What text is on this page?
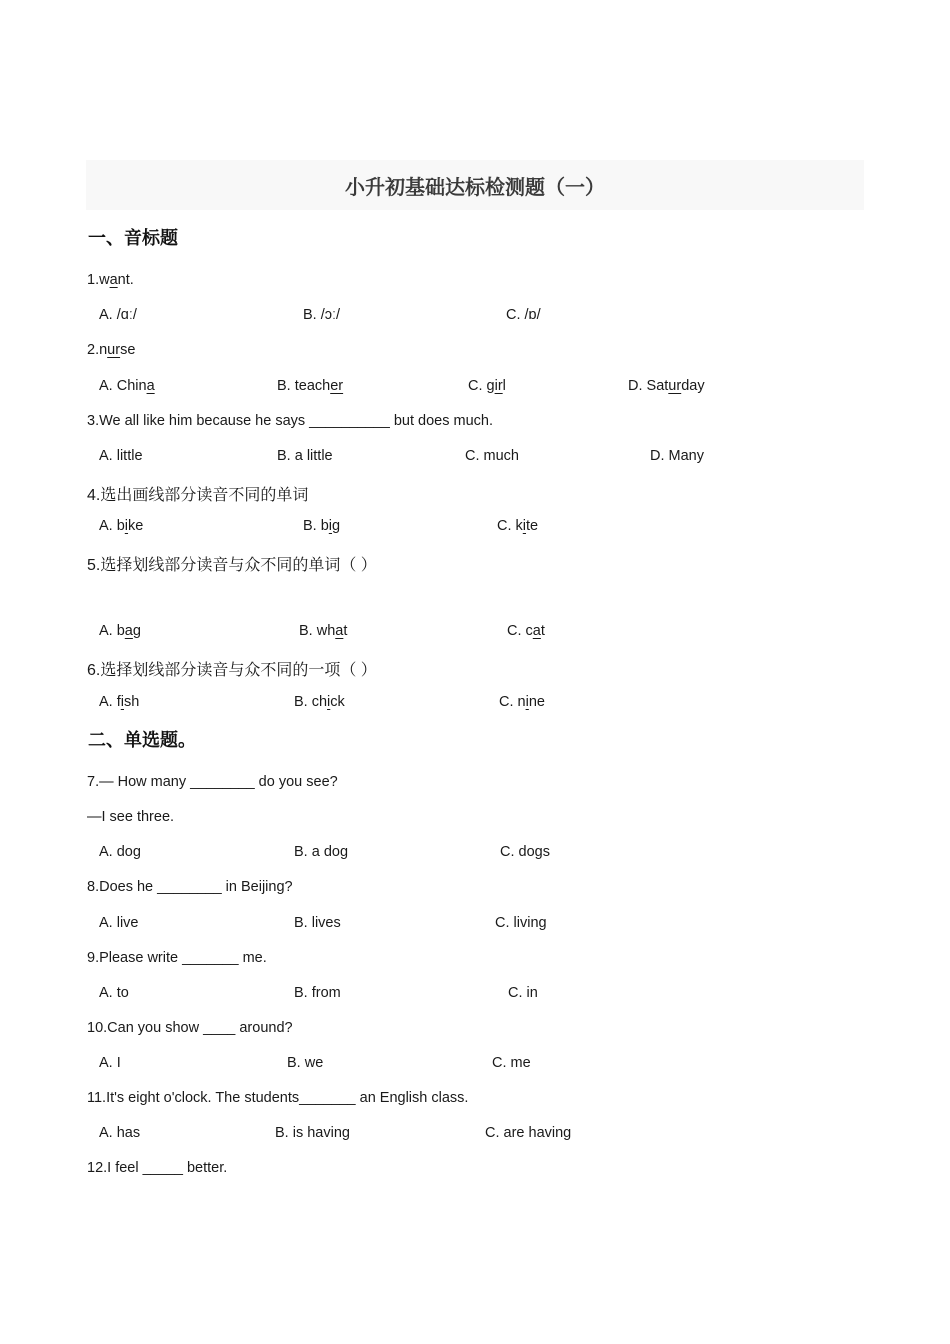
小升初基础达标检测题（一）
一、音标题
1.want.
A. /ɑː/	B. /ɔː/	C. /ɒ/
2.nurse
A. China	B. teacher	C. girl	D. Saturday
3.We all like him because he says __________ but does much.
A. little	B. a little	C. much	D. Many
4.选出画线部分读音不同的单词
A. bike	B. big	C. kite
5.选择划线部分读音与众不同的单词（ ）
A. bag	B. what	C. cat
6.选择划线部分读音与众不同的一项（ ）
A. fish	B. chick	C. nine
二、单选题。
7.— How many ________ do you see?
—I see three.
A. dog	B. a dog	C. dogs
8.Does he ________ in Beijing?
A. live	B. lives	C. living
9.Please write _______ me.
A. to	B. from	C. in
10.Can you show ____ around?
A. I	B. we	C. me
11.It's eight o'clock. The students_______ an English class.
A. has	B. is having	C. are having
12.I feel _____ better.
